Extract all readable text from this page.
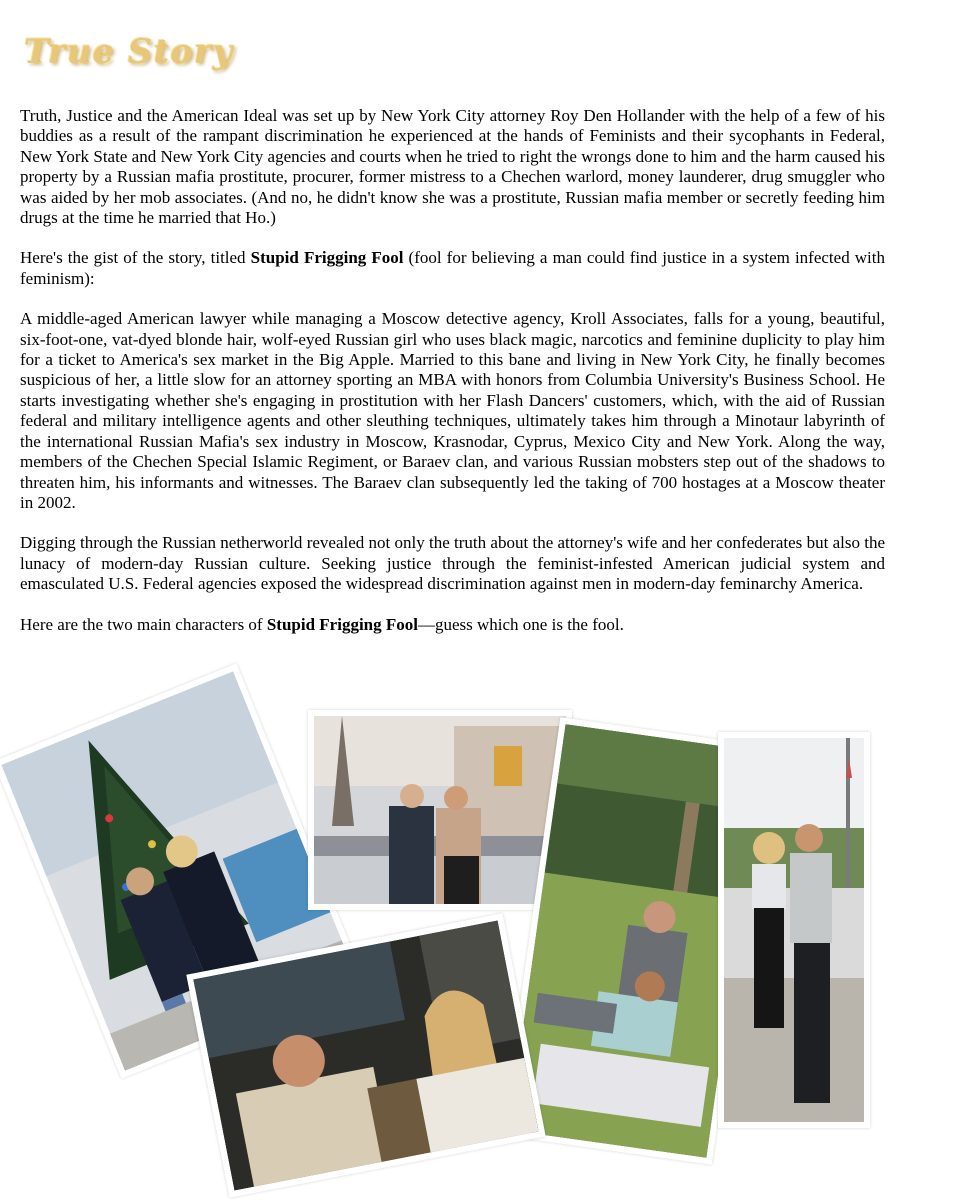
True Story

Truth, Justice and the American Ideal was set up by New York City attorney Roy Den Hollander with the help of a few of his buddies as a result of the rampant discrimination he experienced at the hands of Feminists and their sycophants in Federal, New York State and New York City agencies and courts when he tried to right the wrongs done to him and the harm caused his property by a Russian mafia prostitute, procurer, former mistress to a Chechen warlord, money launderer, drug smuggler who was aided by her mob associates. (And no, he didn't know she was a prostitute, Russian mafia member or secretly feeding him drugs at the time he married that Ho.)

Here's the gist of the story, titled Stupid Frigging Fool (fool for believing a man could find justice in a system infected with feminism):

A middle-aged American lawyer while managing a Moscow detective agency, Kroll Associates, falls for a young, beautiful, six-foot-one, vat-dyed blonde hair, wolf-eyed Russian girl who uses black magic, narcotics and feminine duplicity to play him for a ticket to America's sex market in the Big Apple. Married to this bane and living in New York City, he finally becomes suspicious of her, a little slow for an attorney sporting an MBA with honors from Columbia University's Business School. He starts investigating whether she's engaging in prostitution with her Flash Dancers' customers, which, with the aid of Russian federal and military intelligence agents and other sleuthing techniques, ultimately takes him through a Minotaur labyrinth of the international Russian Mafia's sex industry in Moscow, Krasnodar, Cyprus, Mexico City and New York. Along the way, members of the Chechen Special Islamic Regiment, or Baraev clan, and various Russian mobsters step out of the shadows to threaten him, his informants and witnesses. The Baraev clan subsequently led the taking of 700 hostages at a Moscow theater in 2002.

Digging through the Russian netherworld revealed not only the truth about the attorney's wife and her confederates but also the lunacy of modern-day Russian culture. Seeking justice through the feminist-infested American judicial system and emasculated U.S. Federal agencies exposed the widespread discrimination against men in modern-day feminarchy America.

Here are the two main characters of Stupid Frigging Fool—guess which one is the fool.
